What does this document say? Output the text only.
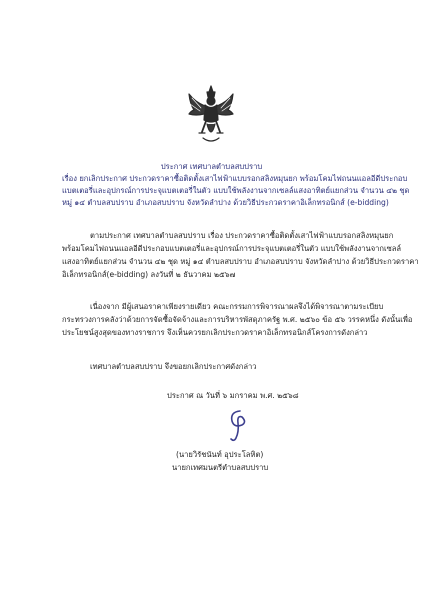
ประกาศ เทศบาลตำบลสบปราบ
เรื่อง ยกเลิกประกาศ ประกวดราคาซื้อติดตั้งเสาไฟฟ้าแบบรอกสลิงหมุนยก พร้อมโคมไฟถนนแอลอีดีประกอบ
แบตเตอรี่และอุปกรณ์การประจุแบตเตอรี่ในตัว แบบใช้พลังงานจากเซลล์แสงอาทิตย์แยกส่วน จำนวน ๔๒ ชุด
หมู่ ๑๔ ตำบลสบปราบ อำเภอสบปราบ จังหวัดลำปาง ด้วยวิธีประกวดราคาอิเล็กทรอนิกส์ (e-bidding)
ตามประกาศ เทศบาลตำบลสบปราบ เรื่อง ประกวดราคาซื้อติดตั้งเสาไฟฟ้าแบบรอกสลิงหมุนยก
พร้อมโคมไฟถนนแอลอีดีประกอบแบตเตอรี่และอุปกรณ์การประจุแบตเตอรี่ในตัว แบบใช้พลังงานจากเซลล์
แสงอาทิตย์แยกส่วน จำนวน ๔๒ ชุด หมู่ ๑๔ ตำบลสบปราบ อำเภอสบปราบ จังหวัดลำปาง ด้วยวิธีประกวดราคา
อิเล็กทรอนิกส์(e-bidding) ลงวันที่ ๒ ธันวาคม ๒๕๖๗
เนื่องจาก มีผู้เสนอราคาเพียงรายเดียว คณะกรรมการพิจารณาผลจึงได้พิจารณาตามระเบียบ
กระทรวงการคลังว่าด้วยการจัดซื้อจัดจ้างและการบริหารพัสดุภาครัฐ พ.ศ. ๒๕๖๐ ข้อ ๕๖ วรรคหนึ่ง ดังนั้นเพื่อ
ประโยชน์สูงสุดของทางราชการ จึงเห็นควรยกเลิกประกวดราคาอิเล็กทรอนิกส์โครงการดังกล่าว
เทศบาลตำบลสบปราบ จึงขอยกเลิกประกาศดังกล่าว
ประกาศ ณ วันที่ ๖ มกราคม พ.ศ. ๒๕๖๘
(นายวิรัชนันท์ อุประโลหิต)
นายกเทศมนตรีตำบลสบปราบ
